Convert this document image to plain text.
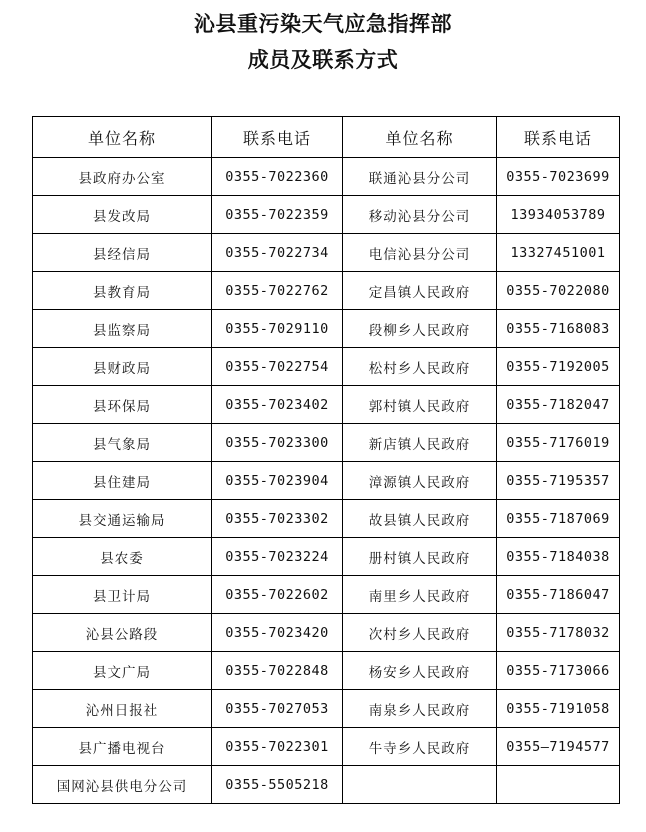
沁县重污染天气应急指挥部
成员及联系方式
单位名称	联系电话	单位名称	联系电话
县政府办公室	0355-7022360	联通沁县分公司	0355-7023699
县发改局	0355-7022359	移动沁县分公司	13934053789
县经信局	0355-7022734	电信沁县分公司	13327451001
县教育局	0355-7022762	定昌镇人民政府	0355-7022080
县监察局	0355-7029110	段柳乡人民政府	0355-7168083
县财政局	0355-7022754	松村乡人民政府	0355-7192005
县环保局	0355-7023402	郭村镇人民政府	0355-7182047
县气象局	0355-7023300	新店镇人民政府	0355-7176019
县住建局	0355-7023904	漳源镇人民政府	0355-7195357
县交通运输局	0355-7023302	故县镇人民政府	0355-7187069
县农委	0355-7023224	册村镇人民政府	0355-7184038
县卫计局	0355-7022602	南里乡人民政府	0355-7186047
沁县公路段	0355-7023420	次村乡人民政府	0355-7178032
县文广局	0355-7022848	杨安乡人民政府	0355-7173066
沁州日报社	0355-7027053	南泉乡人民政府	0355-7191058
县广播电视台	0355-7022301	牛寺乡人民政府	0355—7194577
国网沁县供电分公司	0355-5505218		
